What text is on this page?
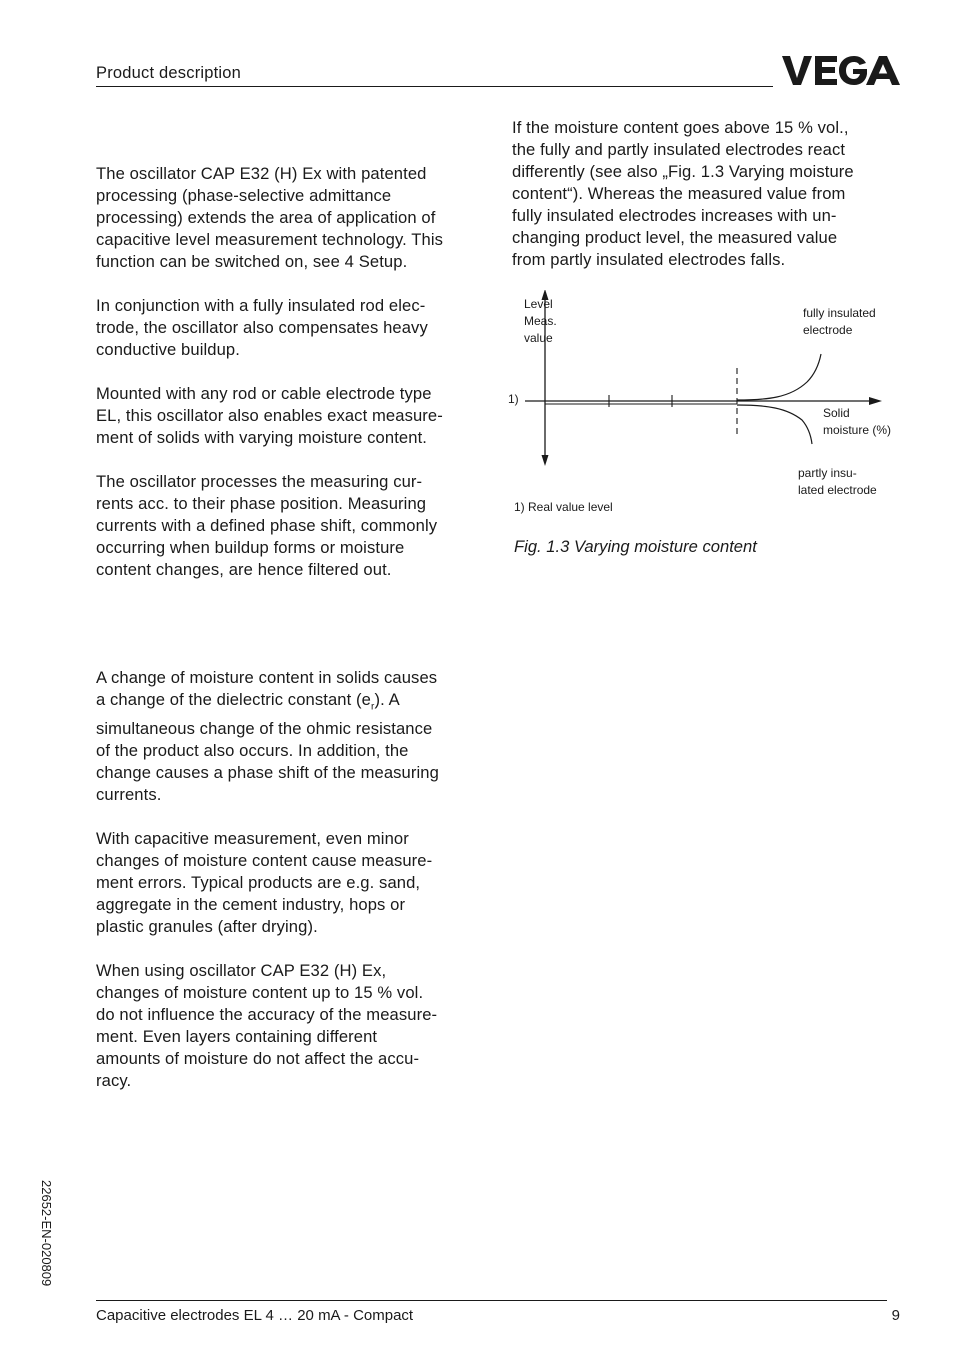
Product description

The oscillator CAP E32 (H) Ex with patented
processing (phase-selective admittance
processing) extends the area of application of
capacitive level measurement technology. This
function can be switched on, see 4 Setup.

In conjunction with a fully insulated rod elec-
trode, the oscillator also compensates heavy
conductive buildup.

Mounted with any rod or cable electrode type
EL, this oscillator also enables exact measure-
ment of solids with varying moisture content.

The oscillator processes the measuring cur-
rents acc. to their phase position. Measuring
currents with a defined phase shift, commonly
occurring when buildup forms or moisture
content changes, are hence filtered out.

A change of moisture content in solids causes
a change of the dielectric constant $(e_r)$. A
simultaneous change of the ohmic resistance
of the product also occurs. In addition, the
change causes a phase shift of the measuring
currents.

With capacitive measurement, even minor
changes of moisture content cause measure-
ment errors. Typical products are e.g. sand,
aggregate in the cement industry, hops or
plastic granules (after drying).

When using oscillator CAP E32 (H) Ex,
changes of moisture content up to 15 % vol.
do not influence the accuracy of the measure-
ment. Even layers containing different
amounts of moisture do not affect the accu-
racy.

If the moisture content goes above 15 % vol.,
the fully and partly insulated electrodes react
differently (see also „Fig. 1.3 Varying moisture
content“). Whereas the measured value from
fully insulated electrodes increases with un-
changing product level, the measured value
from partly insulated electrodes falls.

Level
Meas.
value
1)
fully insulated
electrode
Solid
moisture (%)
partly insu-
lated electrode
1) Real value level
Fig. 1.3 Varying moisture content
22652-EN-020809
Capacitive electrodes EL 4 … 20 mA - Compact	9
